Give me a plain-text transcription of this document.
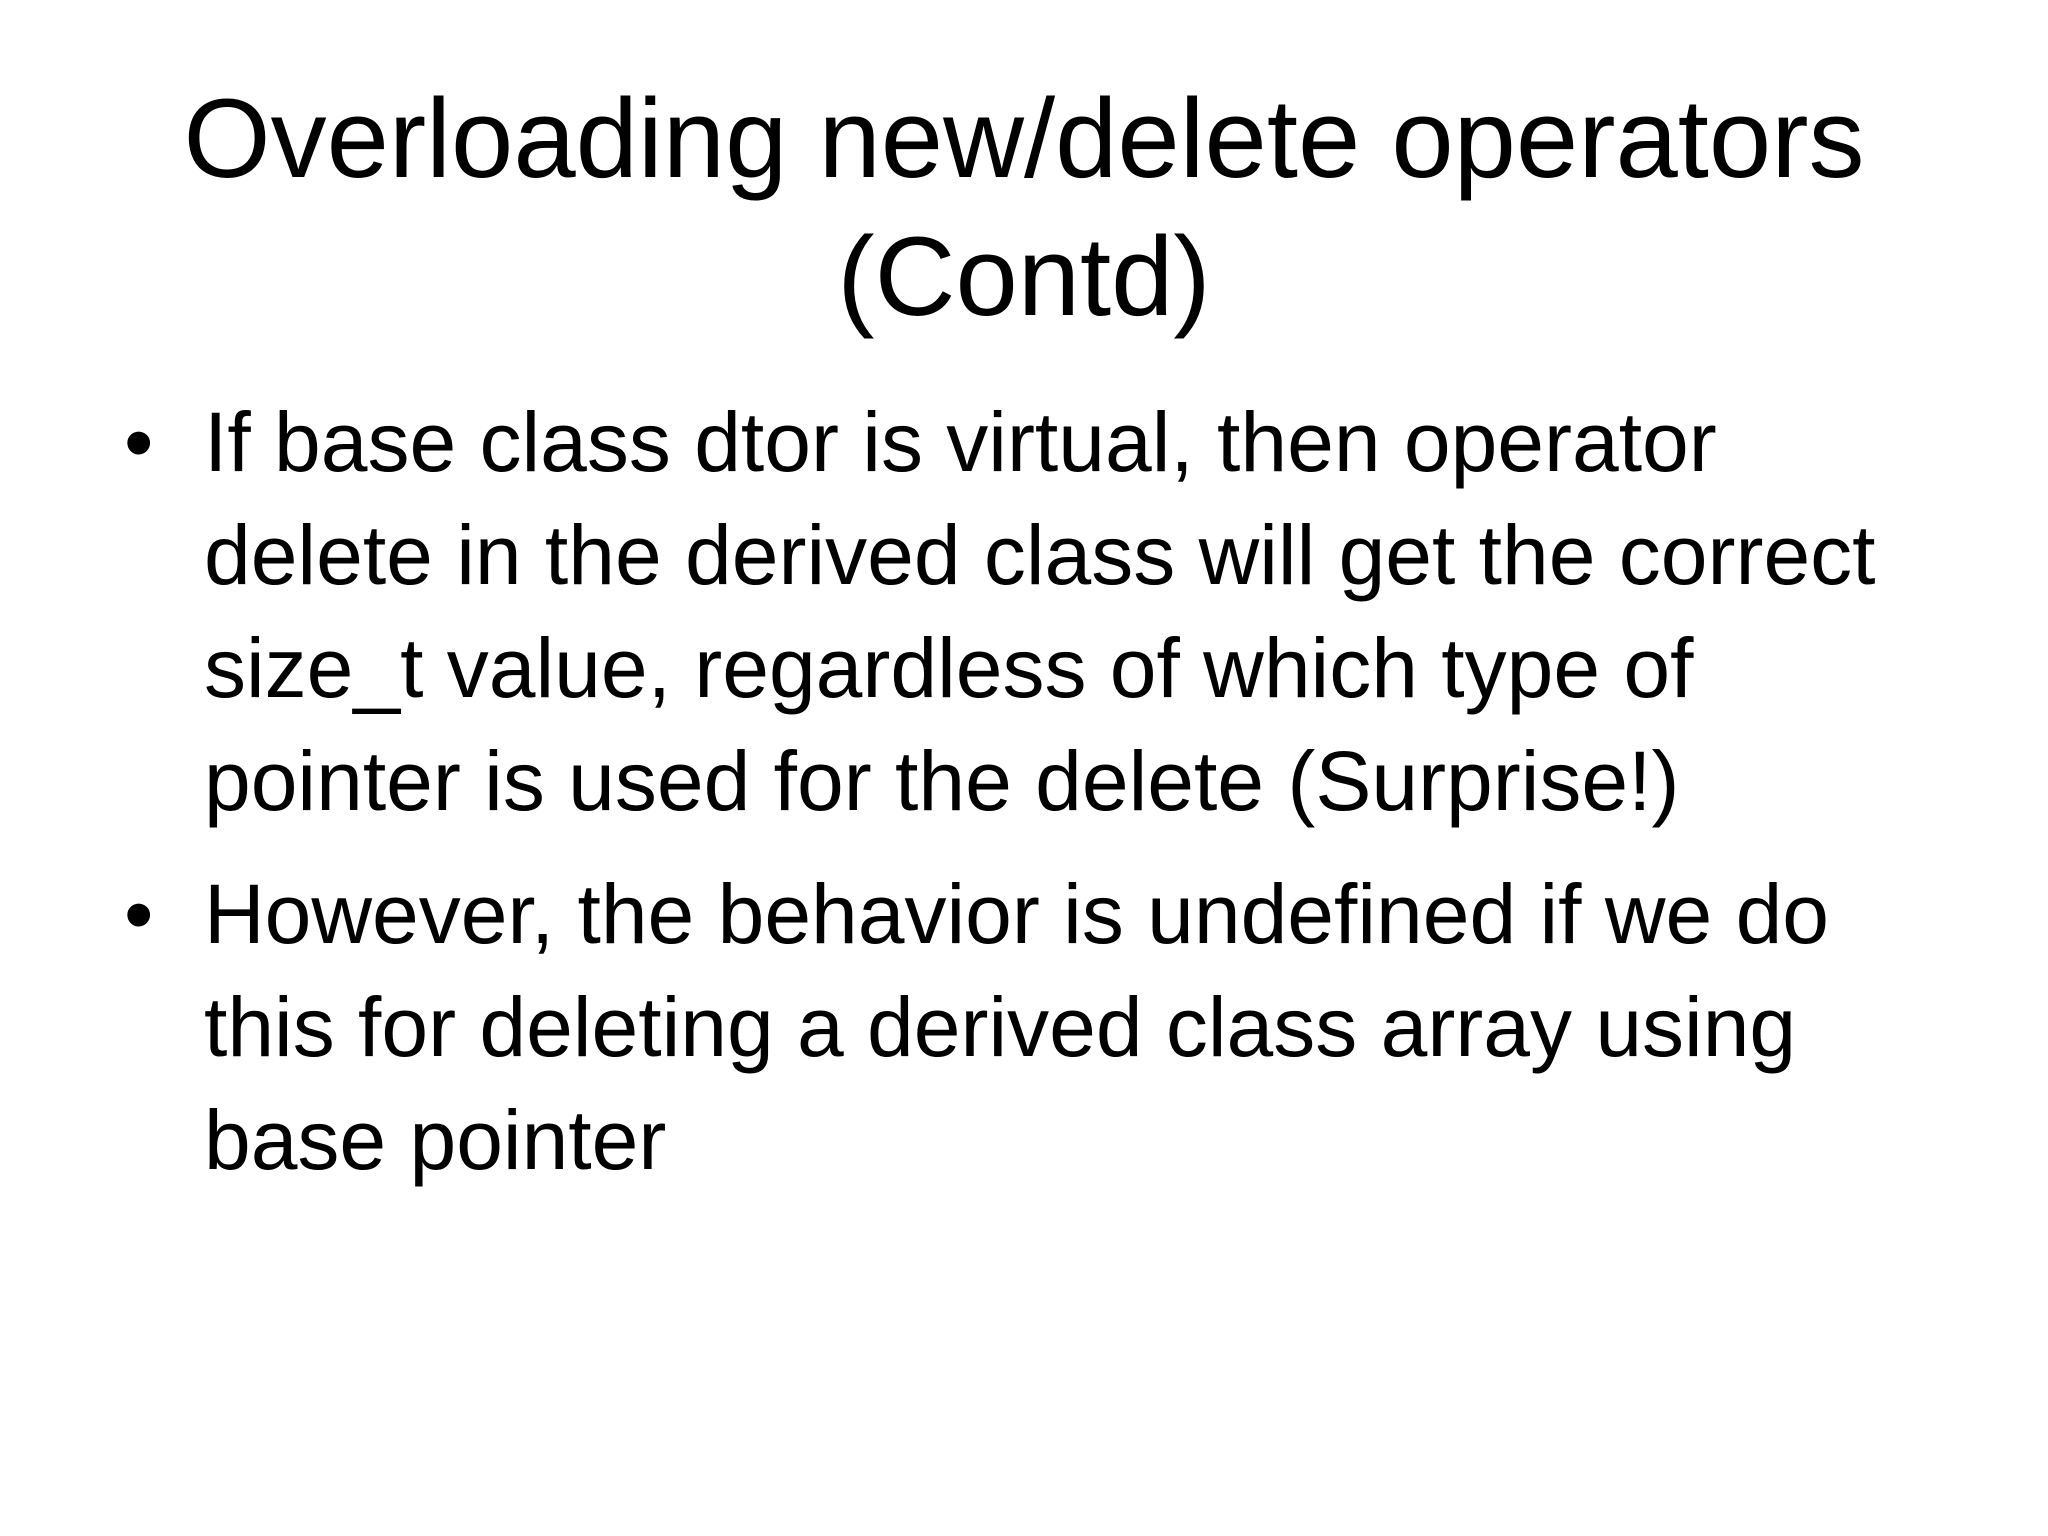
Overloading new/delete operators (Contd)
• If base class dtor is virtual, then operator delete in the derived class will get the correct size_t value, regardless of which type of pointer is used for the delete (Surprise!)
• However, the behavior is undefined if we do this for deleting a derived class array using base pointer
